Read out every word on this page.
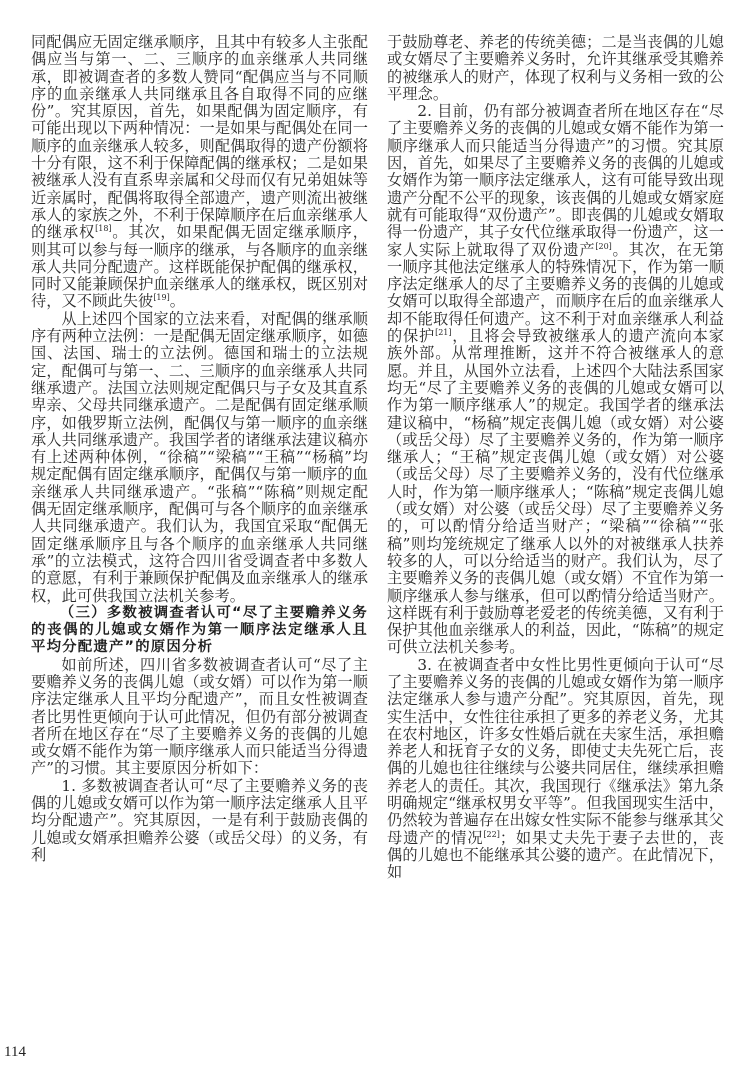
同配偶应无固定继承顺序，且其中有较多人主张配偶应当与第一、二、三顺序的血亲继承人共同继承，即被调查者的多数人赞同“配偶应当与不同顺序的血亲继承人共同继承且各自取得不同的应继份”。究其原因，首先，如果配偶为固定顺序，有可能出现以下两种情况：一是如果与配偶处在同一顺序的血亲继承人较多，则配偶取得的遗产份额将十分有限，这不利于保障配偶的继承权；二是如果被继承人没有直系卑亲属和父母而仅有兄弟姐妹等近亲属时，配偶将取得全部遗产，遗产则流出被继承人的家族之外，不利于保障顺序在后血亲继承人的继承权[18]。其次，如果配偶无固定继承顺序，则其可以参与每一顺序的继承，与各顺序的血亲继承人共同分配遗产。这样既能保护配偶的继承权，同时又能兼顾保护血亲继承人的继承权，既区别对待，又不顾此失彼[19]。

从上述四个国家的立法来看，对配偶的继承顺序有两种立法例：一是配偶无固定继承顺序，如德国、法国、瑞士的立法例。德国和瑞士的立法规定，配偶可与第一、二、三顺序的血亲继承人共同继承遗产。法国立法则规定配偶只与子女及其直系卑亲、父母共同继承遗产。二是配偶有固定继承顺序，如俄罗斯立法例，配偶仅与第一顺序的血亲继承人共同继承遗产。我国学者的诸继承法建议稿亦有上述两种体例，“徐稿”“梁稿”“王稿”“杨稿”均规定配偶有固定继承顺序，配偶仅与第一顺序的血亲继承人共同继承遗产。“张稿”“陈稿”则规定配偶无固定继承顺序，配偶可与各个顺序的血亲继承人共同继承遗产。我们认为，我国宜采取“配偶无固定继承顺序且与各个顺序的血亲继承人共同继承”的立法模式，这符合四川省受调查者中多数人的意愿，有利于兼顾保护配偶及血亲继承人的继承权，此可供我国立法机关参考。

（三）多数被调查者认可“尽了主要赡养义务的丧偶的儿媳或女婿作为第一顺序法定继承人且平均分配遗产”的原因分析

如前所述，四川省多数被调查者认可“尽了主要赡养义务的丧偶儿媳（或女婿）可以作为第一顺序法定继承人且平均分配遗产”，而且女性被调查者比男性更倾向于认可此情况，但仍有部分被调查者所在地区存在“尽了主要赡养义务的丧偶的儿媳或女婿不能作为第一顺序继承人而只能适当分得遗产”的习惯。其主要原因分析如下：

1. 多数被调查者认可“尽了主要赡养义务的丧偶的儿媳或女婿可以作为第一顺序法定继承人且平均分配遗产”。究其原因，一是有利于鼓励丧偶的儿媳或女婿承担赡养公婆（或岳父母）的义务，有利

于鼓励尊老、养老的传统美德；二是当丧偶的儿媳或女婿尽了主要赡养义务时，允许其继承受其赡养的被继承人的财产，体现了权利与义务相一致的公平理念。

2. 目前，仍有部分被调查者所在地区存在“尽了主要赡养义务的丧偶的儿媳或女婿不能作为第一顺序继承人而只能适当分得遗产”的习惯。究其原因，首先，如果尽了主要赡养义务的丧偶的儿媳或女婿作为第一顺序法定继承人，这有可能导致出现遗产分配不公平的现象，该丧偶的儿媳或女婿家庭就有可能取得“双份遗产”。即丧偶的儿媳或女婿取得一份遗产，其子女代位继承取得一份遗产，这一家人实际上就取得了双份遗产[20]。其次，在无第一顺序其他法定继承人的特殊情况下，作为第一顺序法定继承人的尽了主要赡养义务的丧偶的儿媳或女婿可以取得全部遗产，而顺序在后的血亲继承人却不能取得任何遗产。这不利于对血亲继承人利益的保护[21]，且将会导致被继承人的遗产流向本家族外部。从常理推断，这并不符合被继承人的意愿。并且，从国外立法看，上述四个大陆法系国家均无“尽了主要赡养义务的丧偶的儿媳或女婿可以作为第一顺序继承人”的规定。我国学者的继承法建议稿中，“杨稿”规定丧偶儿媳（或女婿）对公婆（或岳父母）尽了主要赡养义务的，作为第一顺序继承人；“王稿”规定丧偶儿媳（或女婿）对公婆（或岳父母）尽了主要赡养义务的，没有代位继承人时，作为第一顺序继承人；“陈稿”规定丧偶儿媳（或女婿）对公婆（或岳父母）尽了主要赡养义务的，可以酌情分给适当财产；“梁稿”“徐稿”“张稿”则均笼统规定了继承人以外的对被继承人扶养较多的人，可以分给适当的财产。我们认为，尽了主要赡养义务的丧偶儿媳（或女婿）不宜作为第一顺序继承人参与继承，但可以酌情分给适当财产。这样既有利于鼓励尊老爱老的传统美德，又有利于保护其他血亲继承人的利益，因此，“陈稿”的规定可供立法机关参考。

3. 在被调查者中女性比男性更倾向于认可“尽了主要赡养义务的丧偶的儿媳或女婿作为第一顺序法定继承人参与遗产分配”。究其原因，首先，现实生活中，女性往往承担了更多的养老义务，尤其在农村地区，许多女性婚后就在夫家生活，承担赡养老人和抚育子女的义务，即使丈夫先死亡后，丧偶的儿媳也往往继续与公婆共同居住，继续承担赡养老人的责任。其次，我国现行《继承法》第九条明确规定“继承权男女平等”。但我国现实生活中，仍然较为普遍存在出嫁女性实际不能参与继承其父母遗产的情况[22]；如果丈夫先于妻子去世的，丧偶的儿媳也不能继承其公婆的遗产。在此情况下，如

114
